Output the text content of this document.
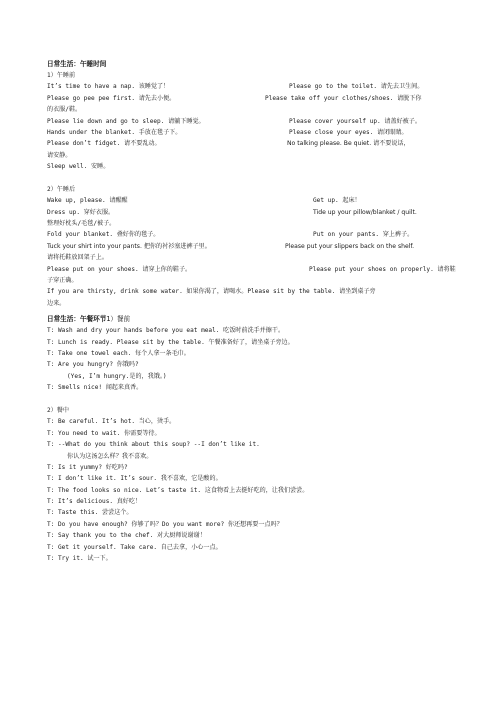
日常生活：午睡时间
1）午睡前
It’s time to have a nap. 该睡觉了！	Please go to the toilet. 请先去卫生间。
Please go pee pee first. 请先去小便。	Please take off your clothes/shoes. 请脱下你
的衣服/鞋。
Please lie down and go to sleep. 请躺下睡觉。	Please cover yourself up. 请盖好被子。
Hands under the blanket. 手放在毯子下。	Please close your eyes. 请闭眼睛。
Please don’t fidget. 请不要乱动。	No talking please. Be quiet. 请不要说话，
请安静。
Sleep well. 安睡。
2）午睡后
Wake up, please. 请醒醒	Get up. 起床！
Dress up. 穿好衣服。	Tide up your pillow/blanket / quilt.
整理好枕头/毛毯/被子。
Fold your blanket. 叠好你的毯子。	Put on your pants. 穿上裤子。
Tuck your shirt into your pants. 把你的衬衫塞进裤子里。	Please put your slippers back on the shelf.
请将托鞋放回架子上。
Please put on your shoes. 请穿上你的鞋子。	Please put your shoes on properly. 请将鞋
子穿正确。
If you are thirsty, drink some water. 如果你渴了，请喝水。Please sit by the table. 请坐到桌子旁
边来。
日常生活：午餐环节1）餐前
T: Wash and dry your hands before you eat meal. 吃饭时前洗手并擦干。
T: Lunch is ready. Please sit by the table. 午餐准备好了，请坐桌子旁边。
T: Take one towel each. 每个人拿一条毛巾。
T: Are you hungry? 你饿吗?
(Yes, I’m hungry.是的，我饿。)
T: Smells nice! 闻起来真香。
2）餐中
T: Be careful. It’s hot. 当心，烫手。
T: You need to wait. 你需要等待。
T: --What do you think about this soup? --I don’t like it.
你认为这汤怎么样？我不喜欢。
T: Is it yummy? 好吃吗?
T: I don’t like it. It’s sour. 我不喜欢，它是酸的。
T: The food looks so nice. Let’s taste it. 这食物看上去挺好吃的，让我们尝尝。
T: It’s delicious. 真好吃！
T: Taste this. 尝尝这个。
T: Do you have enough? 你够了吗？Do you want more? 你还想再要一点吗？
T: Say thank you to the chef. 对大厨师说谢谢！
T: Get it yourself. Take care. 自己去拿，小心一点。
T: Try it. 试一下。
